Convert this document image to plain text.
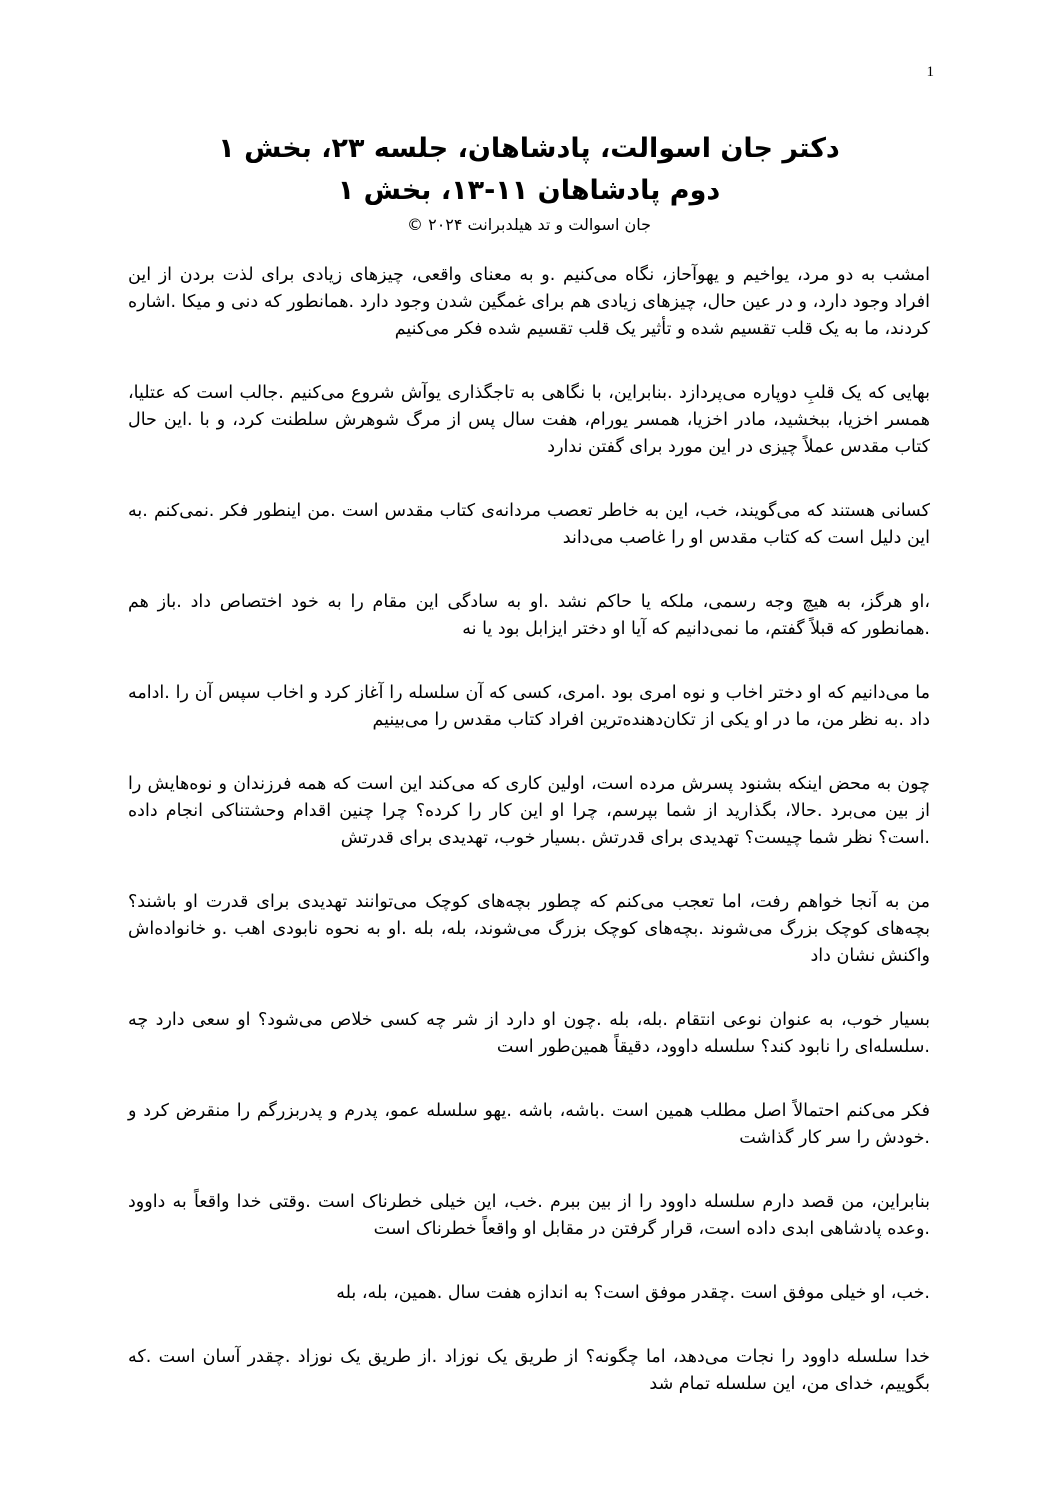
1
دکتر جان اسوالت، پادشاهان، جلسه ۲۳، بخش ۱
دوم پادشاهان ۱۱-۱۳، بخش ۱
جان اسوالت و تد هیلدبرانت ۲۰۲۴ ©

امشب به دو مرد، یواخیم و یهوآحاز، نگاه می‌کنیم .و به معنای واقعی، چیزهای زیادی برای لذت بردن از این افراد وجود دارد، و در عین حال، چیزهای زیادی هم برای غمگین شدن وجود دارد .همانطور که دنی و میکا .اشاره کردند، ما به یک قلب تقسیم شده و تأثیر یک قلب تقسیم شده فکر می‌کنیم

بهایی که یک قلبِ دوپاره می‌پردازد .بنابراین، با نگاهی به تاجگذاری یوآش شروع می‌کنیم .جالب است که عتلیا، همسر اخزیا، ببخشید، مادر اخزیا، همسر یورام، هفت سال پس از مرگ شوهرش سلطنت کرد، و با .این حال کتاب مقدس عملاً چیزی در این مورد برای گفتن ندارد

کسانی هستند که می‌گویند، خب، این به خاطر تعصب مردانه‌ی کتاب مقدس است .من اینطور فکر .نمی‌کنم .به این دلیل است که کتاب مقدس او را غاصب می‌داند

،او هرگز، به هیچ وجه رسمی، ملکه یا حاکم نشد .او به سادگی این مقام را به خود اختصاص داد .باز هم .همانطور که قبلاً گفتم، ما نمی‌دانیم که آیا او دختر ایزابل بود یا نه

ما می‌دانیم که او دختر اخاب و نوه امری بود .امری، کسی که آن سلسله را آغاز کرد و اخاب سپس آن را .ادامه داد .به نظر من، ما در او یکی از تکان‌دهنده‌ترین افراد کتاب مقدس را می‌بینیم

چون به محض اینکه بشنود پسرش مرده است، اولین کاری که می‌کند این است که همه فرزندان و نوه‌هایش را از بین می‌برد .حالا، بگذارید از شما بپرسم، چرا او این کار را کرده؟ چرا چنین اقدام وحشتناکی انجام داده .است؟ نظر شما چیست؟ تهدیدی برای قدرتش .بسیار خوب، تهدیدی برای قدرتش

من به آنجا خواهم رفت، اما تعجب می‌کنم که چطور بچه‌های کوچک می‌توانند تهدیدی برای قدرت او باشند؟ بچه‌های کوچک بزرگ می‌شوند .بچه‌های کوچک بزرگ می‌شوند، بله، بله .او به نحوه نابودی اهب .و خانواده‌اش واکنش نشان داد

بسیار خوب، به عنوان نوعی انتقام .بله، بله .چون او دارد از شر چه کسی خلاص می‌شود؟ او سعی دارد چه .سلسله‌ای را نابود کند؟ سلسله داوود، دقیقاً همین‌طور است

فکر می‌کنم احتمالاً اصل مطلب همین است .باشه، باشه .یهو سلسله عمو، پدرم و پدربزرگم را منقرض کرد و .خودش را سر کار گذاشت

بنابراین، من قصد دارم سلسله داوود را از بین ببرم .خب، این خیلی خطرناک است .وقتی خدا واقعاً به داوود .وعده پادشاهی ابدی داده است، قرار گرفتن در مقابل او واقعاً خطرناک است

.خب، او خیلی موفق است .چقدر موفق است؟ به اندازه هفت سال .همین، بله، بله

خدا سلسله داوود را نجات می‌دهد، اما چگونه؟ از طریق یک نوزاد .از طریق یک نوزاد .چقدر آسان است .که بگوییم، خدای من، این سلسله تمام شد
